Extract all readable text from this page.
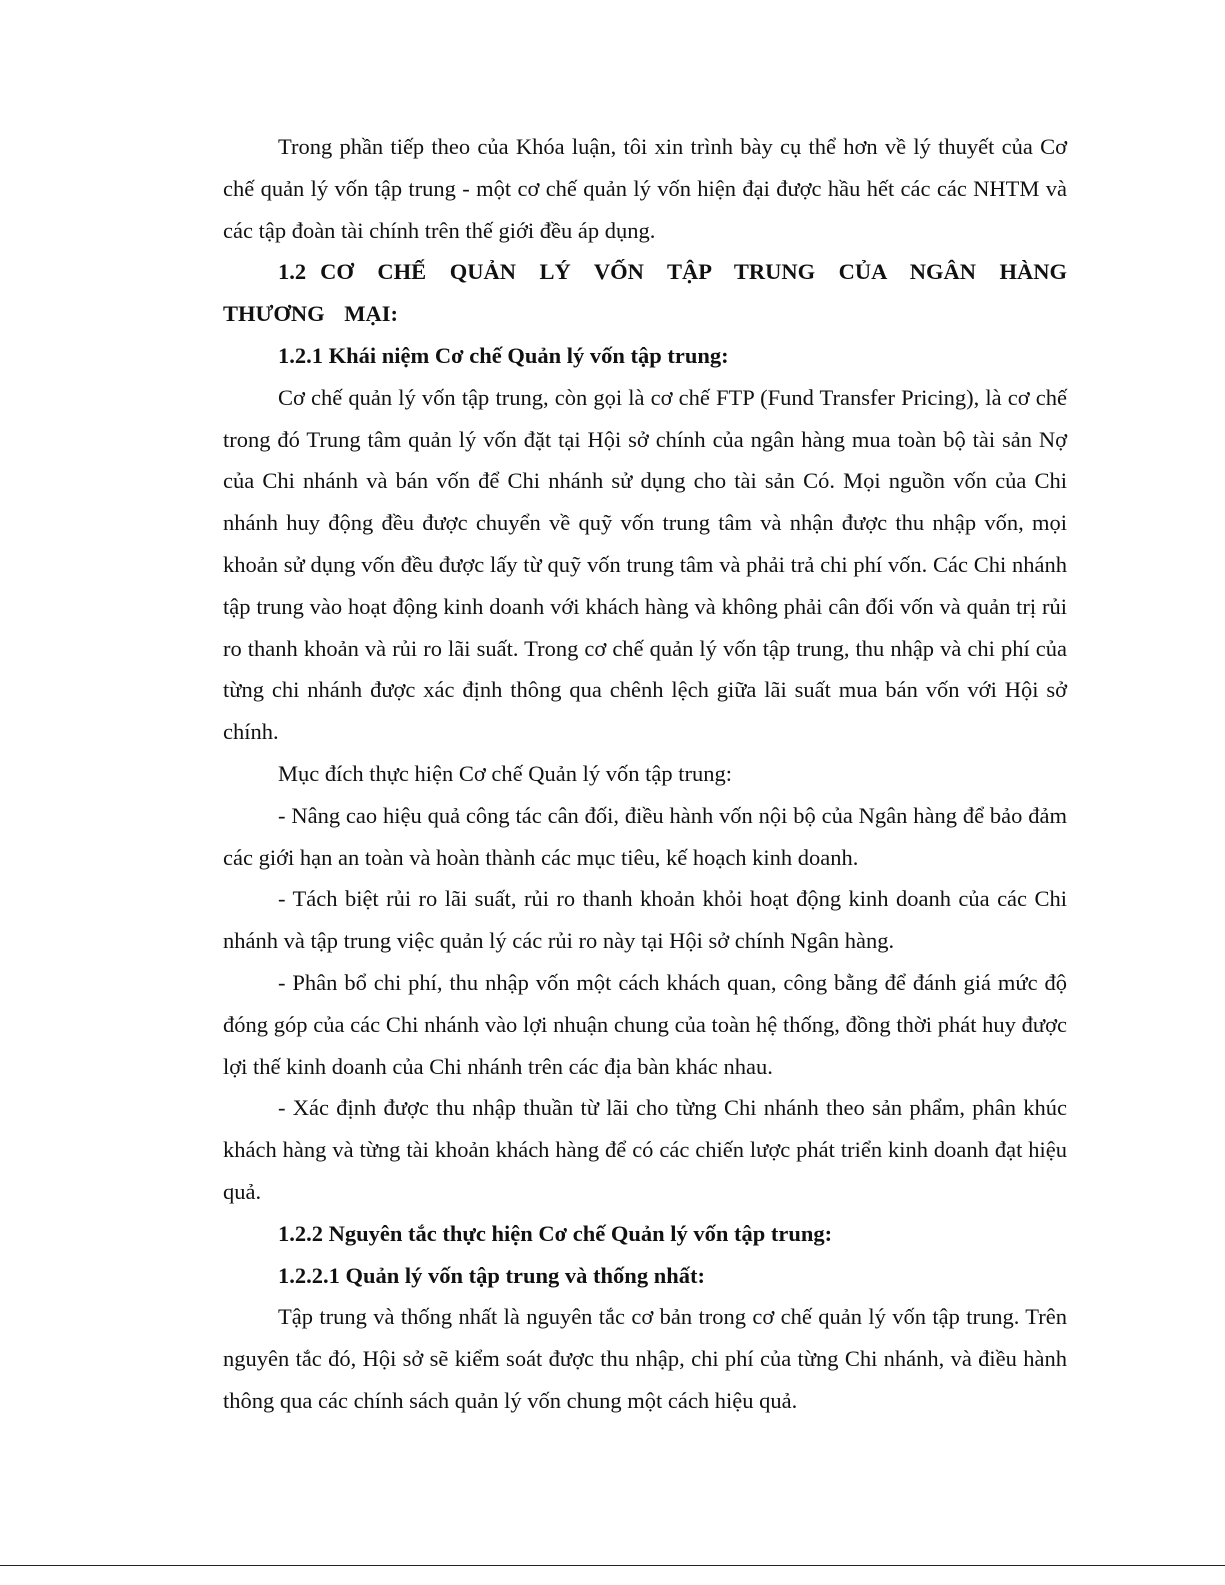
Trong phần tiếp theo của Khóa luận, tôi xin trình bày cụ thể hơn về lý thuyết của Cơ chế quản lý vốn tập trung - một cơ chế quản lý vốn hiện đại được hầu hết các các NHTM và các tập đoàn tài chính trên thế giới đều áp dụng.

1.2 CƠ CHẾ QUẢN LÝ VỐN TẬP TRUNG CỦA NGÂN HÀNG THƯƠNG MẠI:

1.2.1 Khái niệm Cơ chế Quản lý vốn tập trung:

Cơ chế quản lý vốn tập trung, còn gọi là cơ chế FTP (Fund Transfer Pricing), là cơ chế trong đó Trung tâm quản lý vốn đặt tại Hội sở chính của ngân hàng mua toàn bộ tài sản Nợ của Chi nhánh và bán vốn để Chi nhánh sử dụng cho tài sản Có. Mọi nguồn vốn của Chi nhánh huy động đều được chuyển về quỹ vốn trung tâm và nhận được thu nhập vốn, mọi khoản sử dụng vốn đều được lấy từ quỹ vốn trung tâm và phải trả chi phí vốn. Các Chi nhánh tập trung vào hoạt động kinh doanh với khách hàng và không phải cân đối vốn và quản trị rủi ro thanh khoản và rủi ro lãi suất. Trong cơ chế quản lý vốn tập trung, thu nhập và chi phí của từng chi nhánh được xác định thông qua chênh lệch giữa lãi suất mua bán vốn với Hội sở chính.

Mục đích thực hiện Cơ chế Quản lý vốn tập trung:

- Nâng cao hiệu quả công tác cân đối, điều hành vốn nội bộ của Ngân hàng để bảo đảm các giới hạn an toàn và hoàn thành các mục tiêu, kế hoạch kinh doanh.

- Tách biệt rủi ro lãi suất, rủi ro thanh khoản khỏi hoạt động kinh doanh của các Chi nhánh và tập trung việc quản lý các rủi ro này tại Hội sở chính Ngân hàng.

- Phân bổ chi phí, thu nhập vốn một cách khách quan, công bằng để đánh giá mức độ đóng góp của các Chi nhánh vào lợi nhuận chung của toàn hệ thống, đồng thời phát huy được lợi thế kinh doanh của Chi nhánh trên các địa bàn khác nhau.

- Xác định được thu nhập thuần từ lãi cho từng Chi nhánh theo sản phẩm, phân khúc khách hàng và từng tài khoản khách hàng để có các chiến lược phát triển kinh doanh đạt hiệu quả.

1.2.2 Nguyên tắc thực hiện Cơ chế Quản lý vốn tập trung:

1.2.2.1 Quản lý vốn tập trung và thống nhất:

Tập trung và thống nhất là nguyên tắc cơ bản trong cơ chế quản lý vốn tập trung. Trên nguyên tắc đó, Hội sở sẽ kiểm soát được thu nhập, chi phí của từng Chi nhánh, và điều hành thông qua các chính sách quản lý vốn chung một cách hiệu quả.
